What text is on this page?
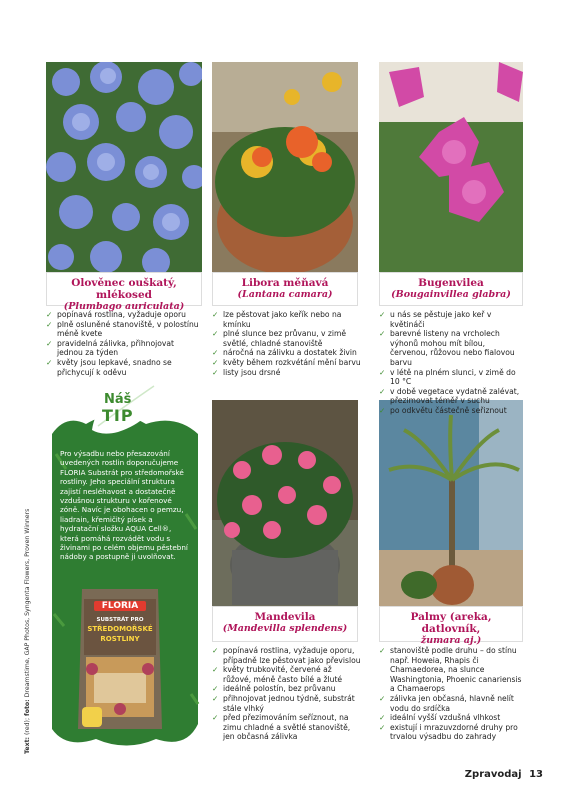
Olověnec ouškatý, mlékosed
(Plumbago auriculata)
Libora měňavá
(Lantana camara)
Bugenvilea
(Bougainvillea glabra)
Mandevila
(Mandevilla splendens)
Palmy (areka, datlovník,
žumara aj.)
✓ popínavá rostlina, vyžaduje oporu
✓ plně osluněné stanoviště, v polostínu méně kvete
✓ pravidelná zálivka, přihnojovat jednou za týden
✓ květy jsou lepkavé, snadno se přichycují k oděvu
✓ lze pěstovat jako keřík nebo na kmínku
✓ plné slunce bez průvanu, v zimě světlé, chladné stanoviště
✓ náročná na zálivku a dostatek živin
✓ květy během rozkvétání mění barvu
✓ listy jsou drsné
✓ u nás se pěstuje jako keř v květináči
✓ barevné listeny na vrcholech výhonů mohou mít bílou, červenou, růžovou nebo fialovou barvu
✓ v létě na plném slunci, v zimě do 10 °C
✓ v době vegetace vydatně zalévat, přezimovat téměř v suchu
✓ po odkvětu částečně seřiznout
✓ popínavá rostlina, vyžaduje oporu, případně lze pěstovat jako převislou
✓ květy trubkovité, červené až růžové, méně často bílé a žluté
✓ ideálně polostín, bez průvanu
✓ přihnojovat jednou týdně, substrát stále vlhký
✓ před přezimováním seříznout, na zimu chladné a světlé stanoviště, jen občasná zálivka
✓ stanoviště podle druhu – do stínu např. Howeia, Rhapis či Chamaedorea, na slunce Washingtonia, Phoenic canariensis a Chamaerops
✓ zálivka jen občasná, hlavně nelít vodu do srdíčka
✓ ideální vyšší vzdušná vlhkost
✓ existují i mrazuvzdorné druhy pro trvalou výsadbu do zahrady
Náš
TIP

Pro výsadbu nebo přesazování uvedených rostlin doporučujeme FLORIA Substrát pro středomořské rostliny. Jeho speciální struktura zajistí nesléhavost a dostatečně vzdušnou strukturu v kořenové zóně. Navíc je obohacen o pemzu, liadrain, křemičitý písek a hydratační složku AQUA Cell®, která pomáhá rozvádět vodu s živinami po celém objemu pěstební nádoby a postupně ji uvolňovat.

FLORIA
SUBSTRÁT PRO
STŘEDOMOŘSKÉ
ROSTLINY
Text: (red); foto: Dreamstime, GAP Photos, Syngenta Flowers, Proven Winners
Zpravodaj 13
